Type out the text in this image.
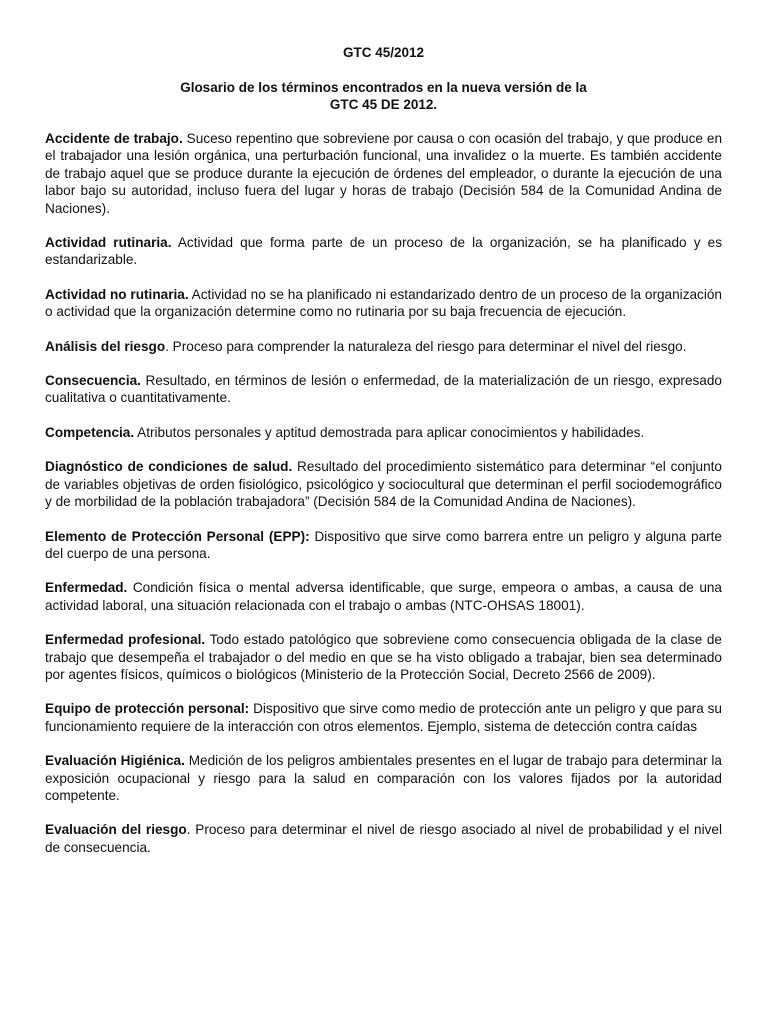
GTC 45/2012
Glosario de los términos encontrados en la nueva versión de la
GTC 45 DE 2012.
Accidente de trabajo. Suceso repentino que sobreviene por causa o con ocasión del trabajo, y que produce en el trabajador una lesión orgánica, una perturbación funcional, una invalidez o la muerte. Es también accidente de trabajo aquel que se produce durante la ejecución de órdenes del empleador, o durante la ejecución de una labor bajo su autoridad, incluso fuera del lugar y horas de trabajo (Decisión 584 de la Comunidad Andina de Naciones).
Actividad rutinaria. Actividad que forma parte de un proceso de la organización, se ha planificado y es estandarizable.
Actividad no rutinaria. Actividad no se ha planificado ni estandarizado dentro de un proceso de la organización o actividad que la organización determine como no rutinaria por su baja frecuencia de ejecución.
Análisis del riesgo. Proceso para comprender la naturaleza del riesgo para determinar el nivel del riesgo.
Consecuencia. Resultado, en términos de lesión o enfermedad, de la materialización de un riesgo, expresado cualitativa o cuantitativamente.
Competencia. Atributos personales y aptitud demostrada para aplicar conocimientos y habilidades.
Diagnóstico de condiciones de salud. Resultado del procedimiento sistemático para determinar “el conjunto de variables objetivas de orden fisiológico, psicológico y sociocultural que determinan el perfil sociodemográfico y de morbilidad de la población trabajadora” (Decisión 584 de la Comunidad Andina de Naciones).
Elemento de Protección Personal (EPP): Dispositivo que sirve como barrera entre un peligro y alguna parte del cuerpo de una persona.
Enfermedad. Condición física o mental adversa identificable, que surge, empeora o ambas, a causa de una actividad laboral, una situación relacionada con el trabajo o ambas (NTC-OHSAS 18001).
Enfermedad profesional. Todo estado patológico que sobreviene como consecuencia obligada de la clase de trabajo que desempeña el trabajador o del medio en que se ha visto obligado a trabajar, bien sea determinado por agentes físicos, químicos o biológicos (Ministerio de la Protección Social, Decreto 2566 de 2009).
Equipo de protección personal: Dispositivo que sirve como medio de protección ante un peligro y que para su funcionamiento requiere de la interacción con otros elementos. Ejemplo, sistema de detección contra caídas
Evaluación Higiénica. Medición de los peligros ambientales presentes en el lugar de trabajo para determinar la exposición ocupacional y riesgo para la salud en comparación con los valores fijados por la autoridad competente.
Evaluación del riesgo. Proceso para determinar el nivel de riesgo asociado al nivel de probabilidad y el nivel de consecuencia.
